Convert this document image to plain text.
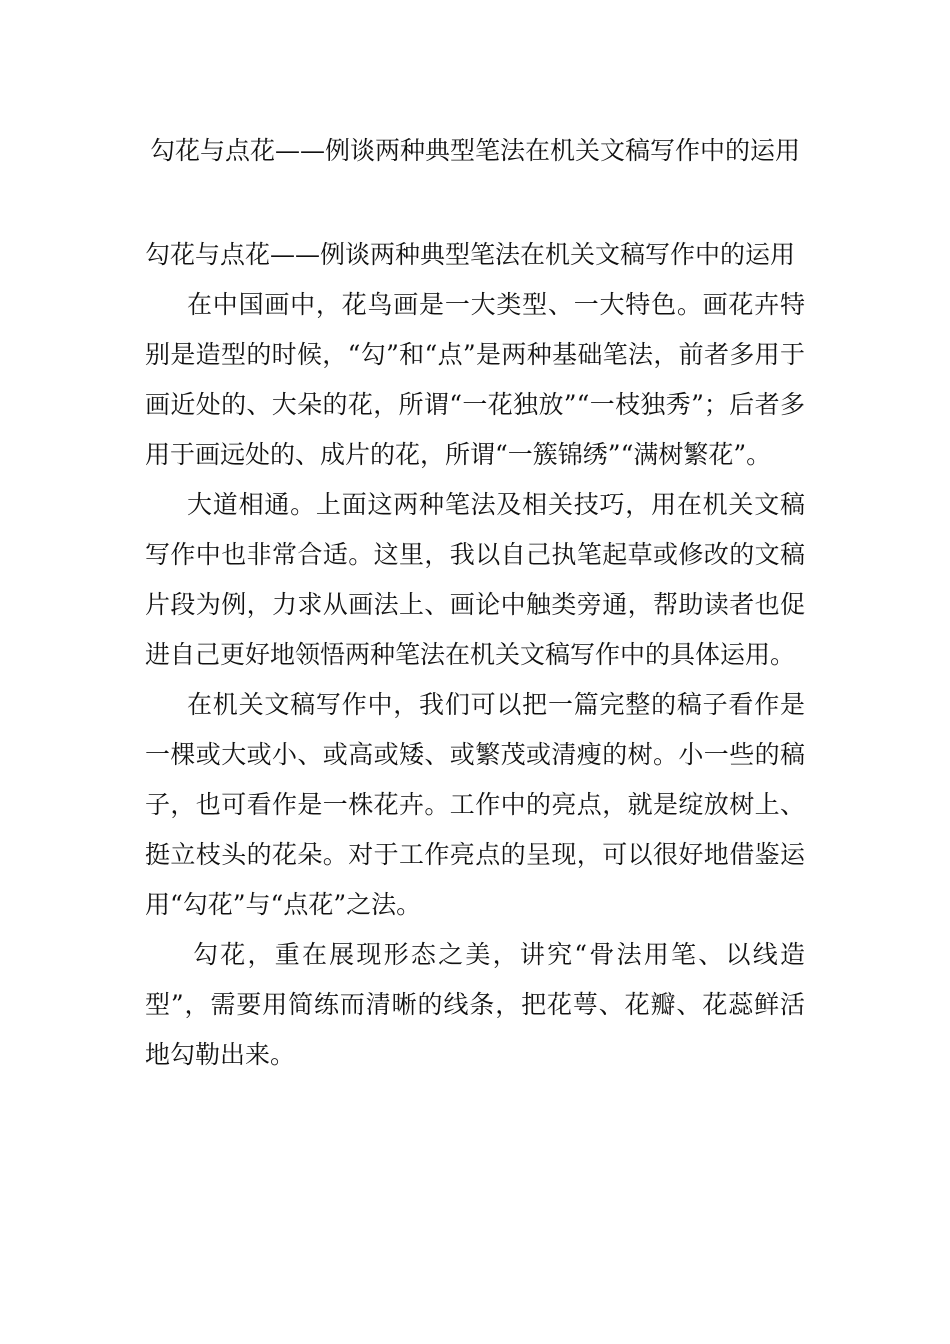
勾花与点花——例谈两种典型笔法在机关文稿写作中的运用

勾花与点花——例谈两种典型笔法在机关文稿写作中的运用

在中国画中，花鸟画是一大类型、一大特色。画花卉特别是造型的时候，“勾”和“点”是两种基础笔法，前者多用于画近处的、大朵的花，所谓“一花独放”“一枝独秀”；后者多用于画远处的、成片的花，所谓“一簇锦绣”“满树繁花”。

大道相通。上面这两种笔法及相关技巧，用在机关文稿写作中也非常合适。这里，我以自己执笔起草或修改的文稿片段为例，力求从画法上、画论中触类旁通，帮助读者也促进自己更好地领悟两种笔法在机关文稿写作中的具体运用。

在机关文稿写作中，我们可以把一篇完整的稿子看作是一棵或大或小、或高或矮、或繁茂或清瘦的树。小一些的稿子，也可看作是一株花卉。工作中的亮点，就是绽放树上、挺立枝头的花朵。对于工作亮点的呈现，可以很好地借鉴运用“勾花”与“点花”之法。

勾花，重在展现形态之美，讲究“骨法用笔、以线造型”，需要用简练而清晰的线条，把花萼、花瓣、花蕊鲜活地勾勒出来。
